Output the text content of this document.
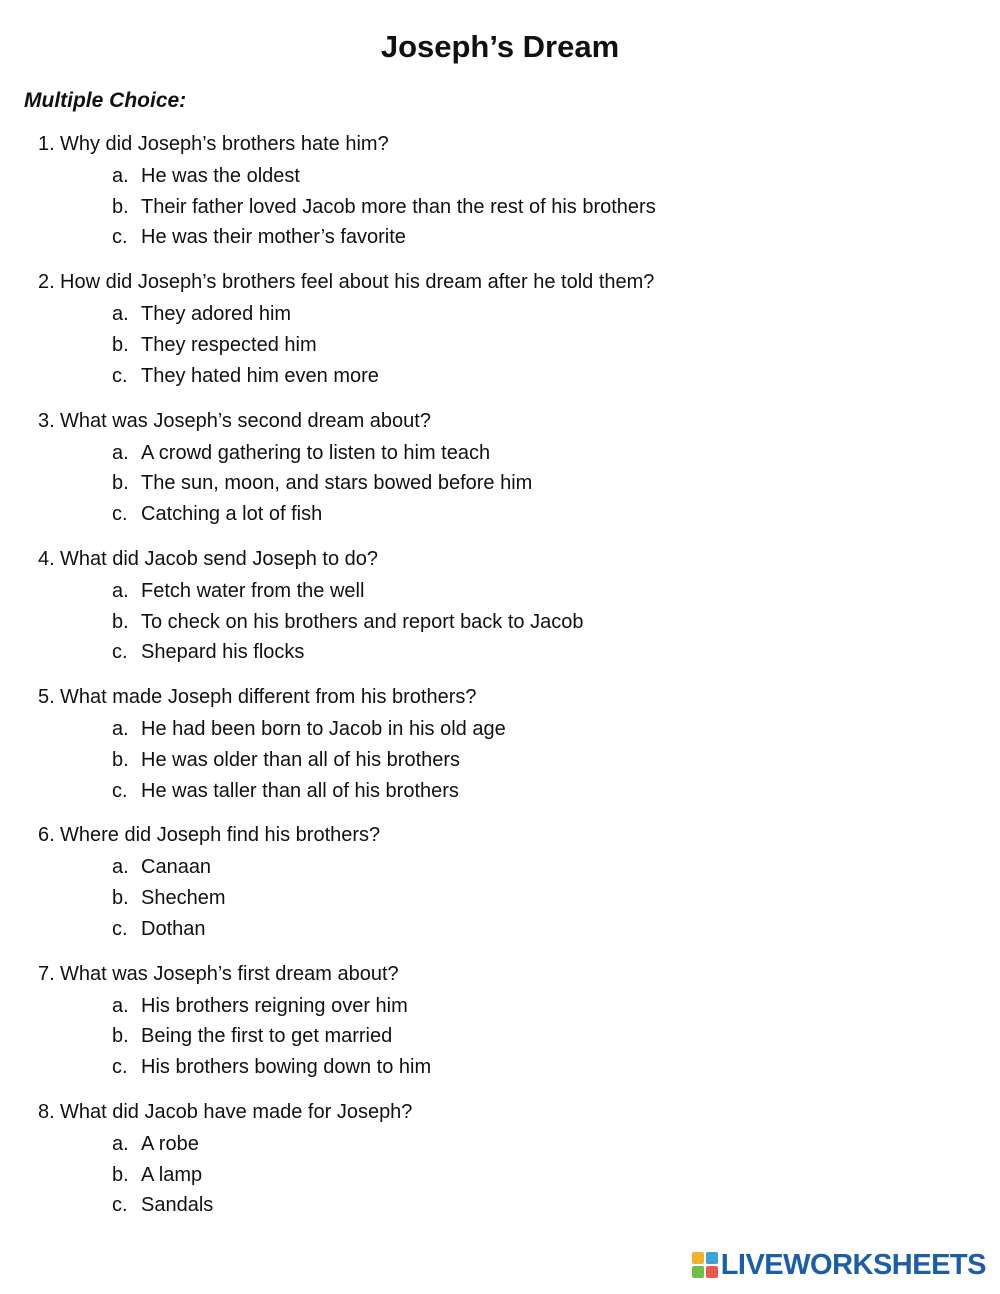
Joseph’s Dream
Multiple Choice:
1. Why did Joseph’s brothers hate him?
a. He was the oldest
b. Their father loved Jacob more than the rest of his brothers
c. He was their mother’s favorite
2. How did Joseph’s brothers feel about his dream after he told them?
a. They adored him
b. They respected him
c. They hated him even more
3. What was Joseph’s second dream about?
a. A crowd gathering to listen to him teach
b. The sun, moon, and stars bowed before him
c. Catching a lot of fish
4. What did Jacob send Joseph to do?
a. Fetch water from the well
b. To check on his brothers and report back to Jacob
c. Shepard his flocks
5. What made Joseph different from his brothers?
a. He had been born to Jacob in his old age
b. He was older than all of his brothers
c. He was taller than all of his brothers
6. Where did Joseph find his brothers?
a. Canaan
b. Shechem
c. Dothan
7. What was Joseph’s first dream about?
a. His brothers reigning over him
b. Being the first to get married
c. His brothers bowing down to him
8. What did Jacob have made for Joseph?
a. A robe
b. A lamp
c. Sandals
LIVEWORKSHEETS
